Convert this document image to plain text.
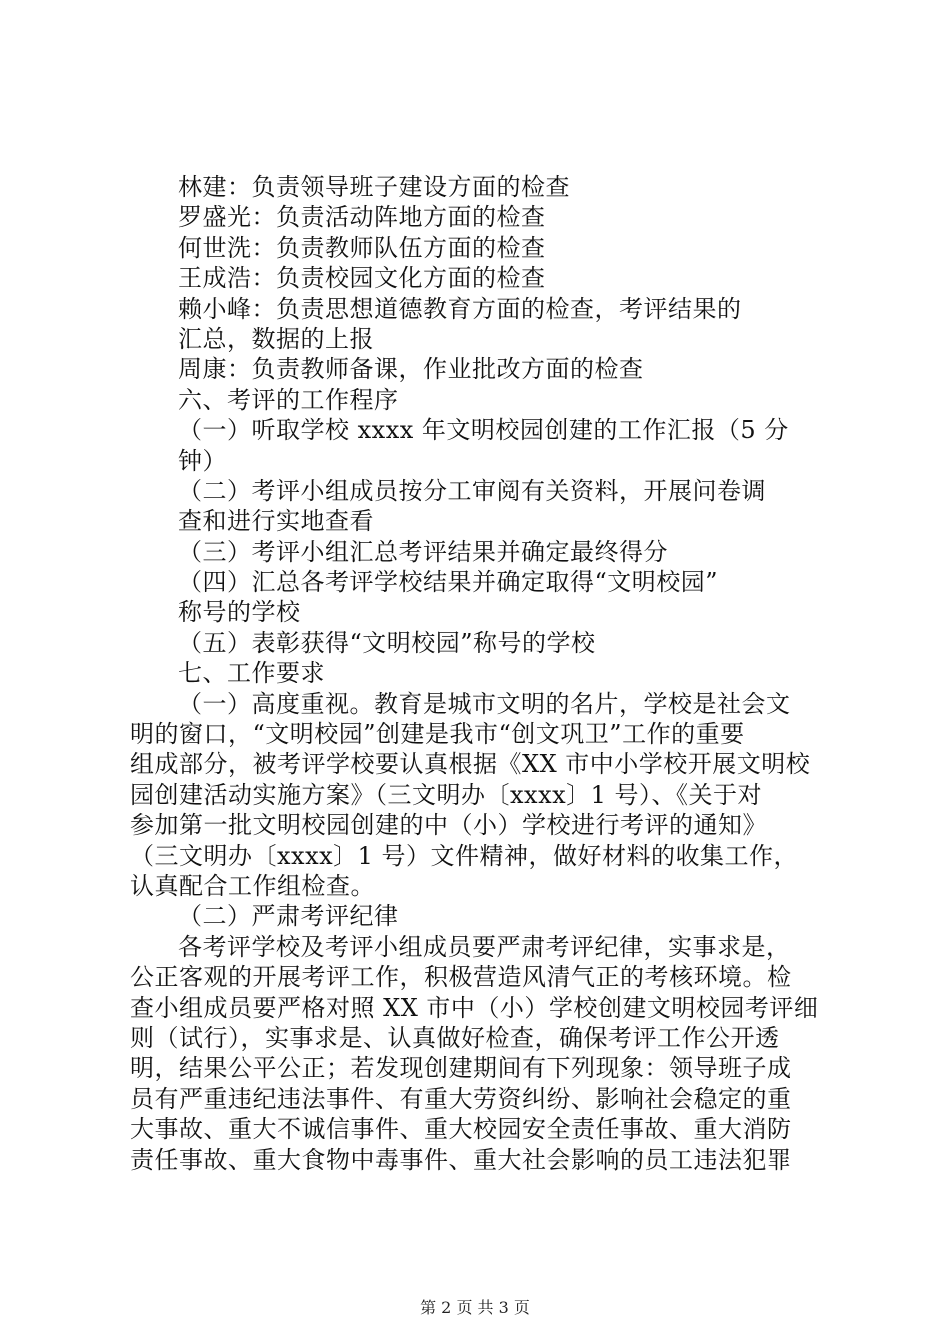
林建：负责领导班子建设方面的检查
罗盛光：负责活动阵地方面的检查
何世洗：负责教师队伍方面的检查
王成浩：负责校园文化方面的检查
赖小峰：负责思想道德教育方面的检查，考评结果的
汇总，数据的上报
周康：负责教师备课，作业批改方面的检查
六、考评的工作程序
（一）听取学校 xxxx 年文明校园创建的工作汇报（5 分
钟）
（二）考评小组成员按分工审阅有关资料，开展问卷调
查和进行实地查看
（三）考评小组汇总考评结果并确定最终得分
（四）汇总各考评学校结果并确定取得“文明校园”
称号的学校
（五）表彰获得“文明校园”称号的学校
七、工作要求
（一）高度重视。教育是城市文明的名片，学校是社会文
明的窗口，“文明校园”创建是我市“创文巩卫”工作的重要
组成部分，被考评学校要认真根据《XX 市中小学校开展文明校
园创建活动实施方案》（三文明办〔xxxx〕1 号）、《关于对
参加第一批文明校园创建的中（小）学校进行考评的通知》
（三文明办〔xxxx〕1 号）文件精神，做好材料的收集工作，
认真配合工作组检查。
（二）严肃考评纪律
各考评学校及考评小组成员要严肃考评纪律，实事求是，
公正客观的开展考评工作，积极营造风清气正的考核环境。检
查小组成员要严格对照 XX 市中（小）学校创建文明校园考评细
则（试行），实事求是、认真做好检查，确保考评工作公开透
明，结果公平公正；若发现创建期间有下列现象：领导班子成
员有严重违纪违法事件、有重大劳资纠纷、影响社会稳定的重
大事故、重大不诚信事件、重大校园安全责任事故、重大消防
责任事故、重大食物中毒事件、重大社会影响的员工违法犯罪
第 2 页 共 3 页
